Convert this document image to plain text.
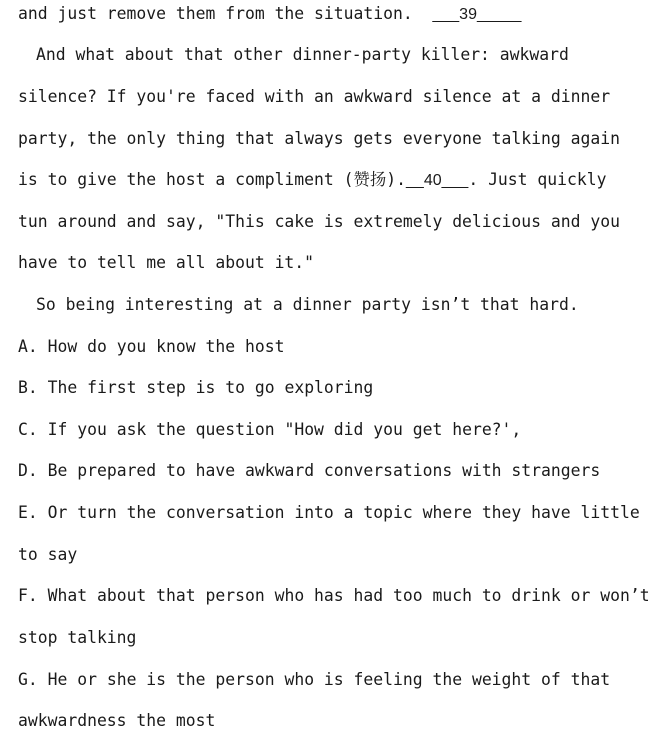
and just remove them from the situation.  ___39_____
And what about that other dinner-party killer: awkward
silence? If you're faced with an awkward silence at a dinner
party, the only thing that always gets everyone talking again
is to give the host a compliment (赞扬).__40___. Just quickly
tun around and say, "This cake is extremely delicious and you
have to tell me all about it."
So being interesting at a dinner party isn’t that hard.
A. How do you know the host
B. The first step is to go exploring
C. If you ask the question "How did you get here?',
D. Be prepared to have awkward conversations with strangers
E. Or turn the conversation into a topic where they have little
to say
F. What about that person who has had too much to drink or won’t
stop talking
G. He or she is the person who is feeling the weight of that
awkwardness the most
